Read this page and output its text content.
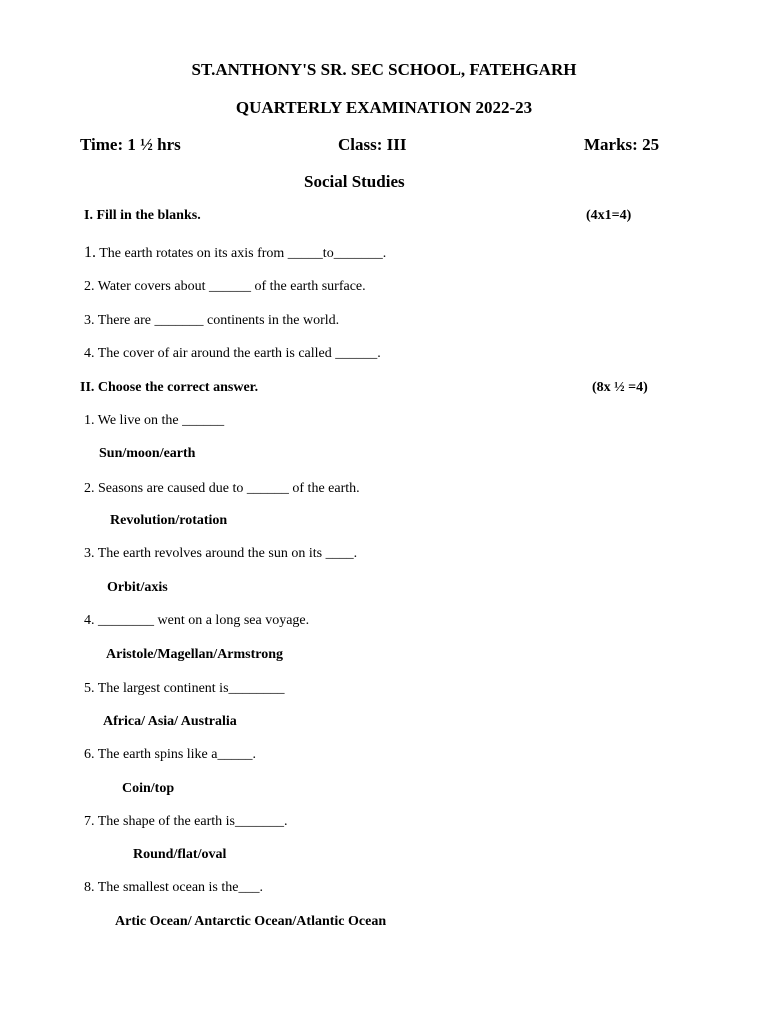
ST.ANTHONY'S SR. SEC SCHOOL, FATEHGARH
QUARTERLY EXAMINATION 2022-23
Time: 1 ½ hrs	Class: III	Marks: 25
Social Studies
I. Fill in the blanks.	(4x1=4)
1. The earth rotates on its axis from _____to_______.
2. Water covers about ______ of the earth surface.
3. There are _______ continents in the world.
4. The cover of air around the earth is called ______.
II. Choose the correct answer.	(8x ½ =4)
1. We live on the ______
Sun/moon/earth
2. Seasons are caused due to ______ of the earth.
Revolution/rotation
3. The earth revolves around the sun on its ____.
Orbit/axis
4. ________ went on a long sea voyage.
Aristole/Magellan/Armstrong
5. The largest continent is________
Africa/ Asia/ Australia
6. The earth spins like a_____.
Coin/top
7. The shape of the earth is_______.
Round/flat/oval
8. The smallest ocean is the___.
Artic Ocean/ Antarctic Ocean/Atlantic Ocean
